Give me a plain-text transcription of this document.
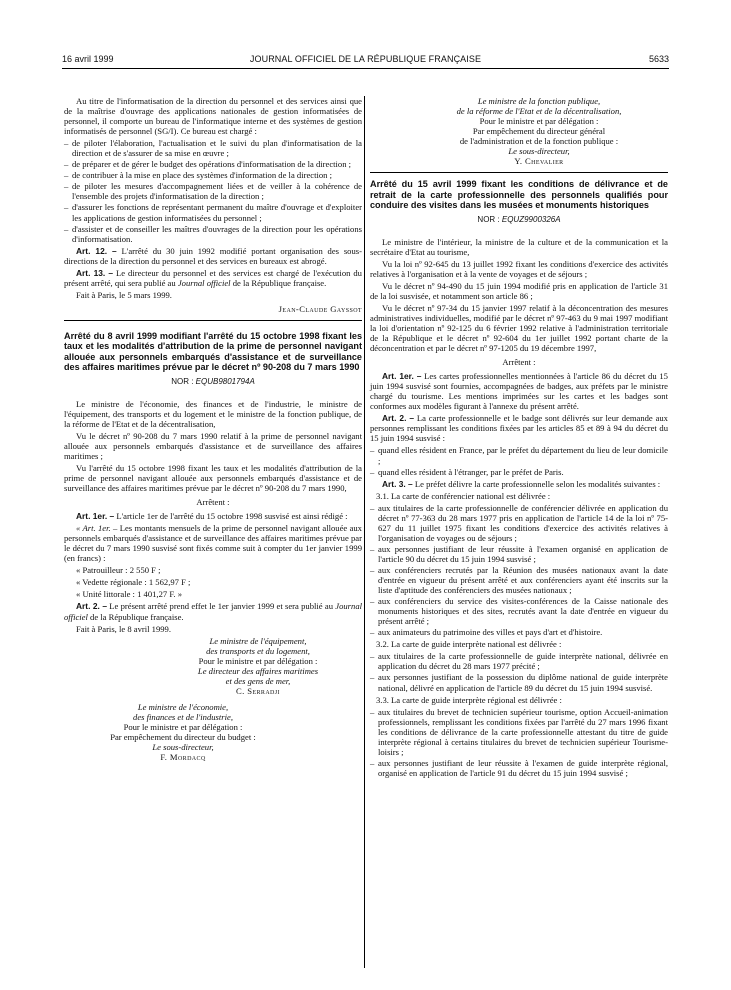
16 avril 1999	JOURNAL OFFICIEL DE LA RÉPUBLIQUE FRANÇAISE	5633

Au titre de l'informatisation de la direction du personnel et des services ainsi que de la maîtrise d'ouvrage des applications nationales de gestion informatisées de personnel, il comporte un bureau de l'informatique interne et des systèmes de gestion informatisés de personnel (SG/I). Ce bureau est chargé :

– de piloter l'élaboration, l'actualisation et le suivi du plan d'informatisation de la direction et de s'assurer de sa mise en œuvre ;
– de préparer et de gérer le budget des opérations d'informatisation de la direction ;
– de contribuer à la mise en place des systèmes d'information de la direction ;
– de piloter les mesures d'accompagnement liées et de veiller à la cohérence de l'ensemble des projets d'informatisation de la direction ;
– d'assurer les fonctions de représentant permanent du maître d'ouvrage et d'exploiter les applications de gestion informatisées du personnel ;
– d'assister et de conseiller les maîtres d'ouvrages de la direction pour les opérations d'informatisation.

Art. 12. – L'arrêté du 30 juin 1992 modifié portant organisation des sous-directions de la direction du personnel et des services en bureaux est abrogé.

Art. 13. – Le directeur du personnel et des services est chargé de l'exécution du présent arrêté, qui sera publié au Journal officiel de la République française.

Fait à Paris, le 5 mars 1999.

Jean-Claude Gayssot
Arrêté du 8 avril 1999 modifiant l'arrêté du 15 octobre 1998 fixant les taux et les modalités d'attribution de la prime de personnel navigant allouée aux personnels embarqués d'assistance et de surveillance des affaires maritimes prévue par le décret nº 90-208 du 7 mars 1990
NOR : EQUB9801794A

Le ministre de l'économie, des finances et de l'industrie, le ministre de l'équipement, des transports et du logement et le ministre de la fonction publique, de la réforme de l'Etat et de la décentralisation,

Vu le décret nº 90-208 du 7 mars 1990 relatif à la prime de personnel navigant allouée aux personnels embarqués d'assistance et de surveillance des affaires maritimes ;

Vu l'arrêté du 15 octobre 1998 fixant les taux et les modalités d'attribution de la prime de personnel navigant allouée aux personnels embarqués d'assistance et de surveillance des affaires maritimes prévue par le décret nº 90-208 du 7 mars 1990,

Arrêtent :

Art. 1er. – L'article 1er de l'arrêté du 15 octobre 1998 susvisé est ainsi rédigé :

« Art. 1er. – Les montants mensuels de la prime de personnel navigant allouée aux personnels embarqués d'assistance et de surveillance des affaires maritimes prévue par le décret du 7 mars 1990 susvisé sont fixés comme suit à compter du 1er janvier 1999 (en francs) :

« Patrouilleur : 2 550 F ;

« Vedette régionale : 1 562,97 F ;

« Unité littorale : 1 401,27 F. »

Art. 2. – Le présent arrêté prend effet le 1er janvier 1999 et sera publié au Journal officiel de la République française.

Fait à Paris, le 8 avril 1999.

Le ministre de l'équipement,
des transports et du logement,
Pour le ministre et par délégation :
Le directeur des affaires maritimes
et des gens de mer,
C. Serradji
Le ministre de l'économie,
des finances et de l'industrie,
Pour le ministre et par délégation :
Par empêchement du directeur du budget :
Le sous-directeur,
F. Mordacq
Le ministre de la fonction publique,
de la réforme de l'Etat et de la décentralisation,
Pour le ministre et par délégation :
Par empêchement du directeur général
de l'administration et de la fonction publique :
Le sous-directeur,
Y. Chevalier
Arrêté du 15 avril 1999 fixant les conditions de délivrance et de retrait de la carte professionnelle des personnels qualifiés pour conduire des visites dans les musées et monuments historiques
NOR : EQUZ9900326A

Le ministre de l'intérieur, la ministre de la culture et de la communication et la secrétaire d'Etat au tourisme,

Vu la loi nº 92-645 du 13 juillet 1992 fixant les conditions d'exercice des activités relatives à l'organisation et à la vente de voyages et de séjours ;

Vu le décret nº 94-490 du 15 juin 1994 modifié pris en application de l'article 31 de la loi susvisée, et notamment son article 86 ;

Vu le décret nº 97-34 du 15 janvier 1997 relatif à la déconcentration des mesures administratives individuelles, modifié par le décret nº 97-463 du 9 mai 1997 modifiant la loi d'orientation nº 92-125 du 6 février 1992 relative à l'administration territoriale de la République et le décret nº 92-604 du 1er juillet 1992 portant charte de la déconcentration et par le décret nº 97-1205 du 19 décembre 1997,

Arrêtent :

Art. 1er. – Les cartes professionnelles mentionnées à l'article 86 du décret du 15 juin 1994 susvisé sont fournies, accompagnées de badges, aux préfets par le ministre chargé du tourisme. Les mentions imprimées sur les cartes et les badges sont conformes aux modèles figurant à l'annexe du présent arrêté.

Art. 2. – La carte professionnelle et le badge sont délivrés sur leur demande aux personnes remplissant les conditions fixées par les articles 85 et 89 à 94 du décret du 15 juin 1994 susvisé :

– quand elles résident en France, par le préfet du département du lieu de leur domicile ;
– quand elles résident à l'étranger, par le préfet de Paris.

Art. 3. – Le préfet délivre la carte professionnelle selon les modalités suivantes :

3.1. La carte de conférencier national est délivrée :

– aux titulaires de la carte professionnelle de conférencier délivrée en application du décret nº 77-363 du 28 mars 1977 pris en application de l'article 14 de la loi nº 75-627 du 11 juillet 1975 fixant les conditions d'exercice des activités relatives à l'organisation de voyages ou de séjours ;
– aux personnes justifiant de leur réussite à l'examen organisé en application de l'article 90 du décret du 15 juin 1994 susvisé ;
– aux conférenciers recrutés par la Réunion des musées nationaux avant la date d'entrée en vigueur du présent arrêté et aux conférenciers ayant été inscrits sur la liste d'aptitude des conférenciers des musées nationaux ;
– aux conférenciers du service des visites-conférences de la Caisse nationale des monuments historiques et des sites, recrutés avant la date d'entrée en vigueur du présent arrêté ;
– aux animateurs du patrimoine des villes et pays d'art et d'histoire.

3.2. La carte de guide interprète national est délivrée :

– aux titulaires de la carte professionnelle de guide interprète national, délivrée en application du décret du 28 mars 1977 précité ;
– aux personnes justifiant de la possession du diplôme national de guide interprète national, délivré en application de l'article 89 du décret du 15 juin 1994 susvisé.

3.3. La carte de guide interprète régional est délivrée :

– aux titulaires du brevet de technicien supérieur tourisme, option Accueil-animation professionnels, remplissant les conditions fixées par l'arrêté du 27 mars 1996 fixant les conditions de délivrance de la carte professionnelle attestant du titre de guide interprète régional à certains titulaires du brevet de technicien supérieur Tourisme-loisirs ;
– aux personnes justifiant de leur réussite à l'examen de guide interprète régional, organisé en application de l'article 91 du décret du 15 juin 1994 susvisé ;
